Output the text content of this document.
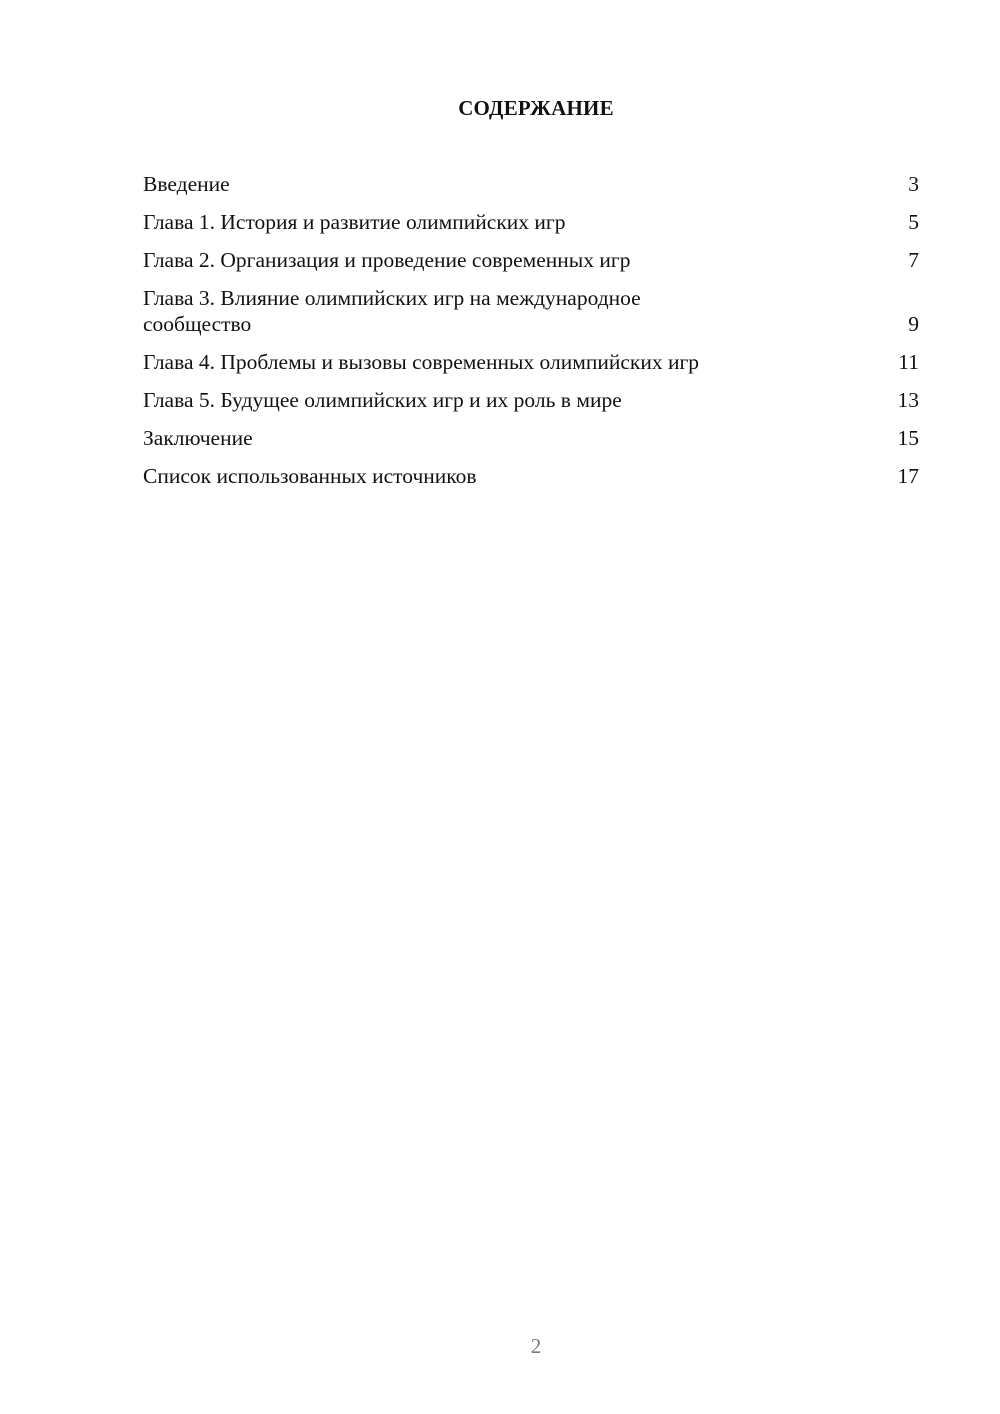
СОДЕРЖАНИЕ
Введение	3
Глава 1. История и развитие олимпийских игр	5
Глава 2. Организация и проведение современных игр	7
Глава 3. Влияние олимпийских игр на международное сообщество	9
Глава 4. Проблемы и вызовы современных олимпийских игр	11
Глава 5. Будущее олимпийских игр и их роль в мире	13
Заключение	15
Список использованных источников	17
2
